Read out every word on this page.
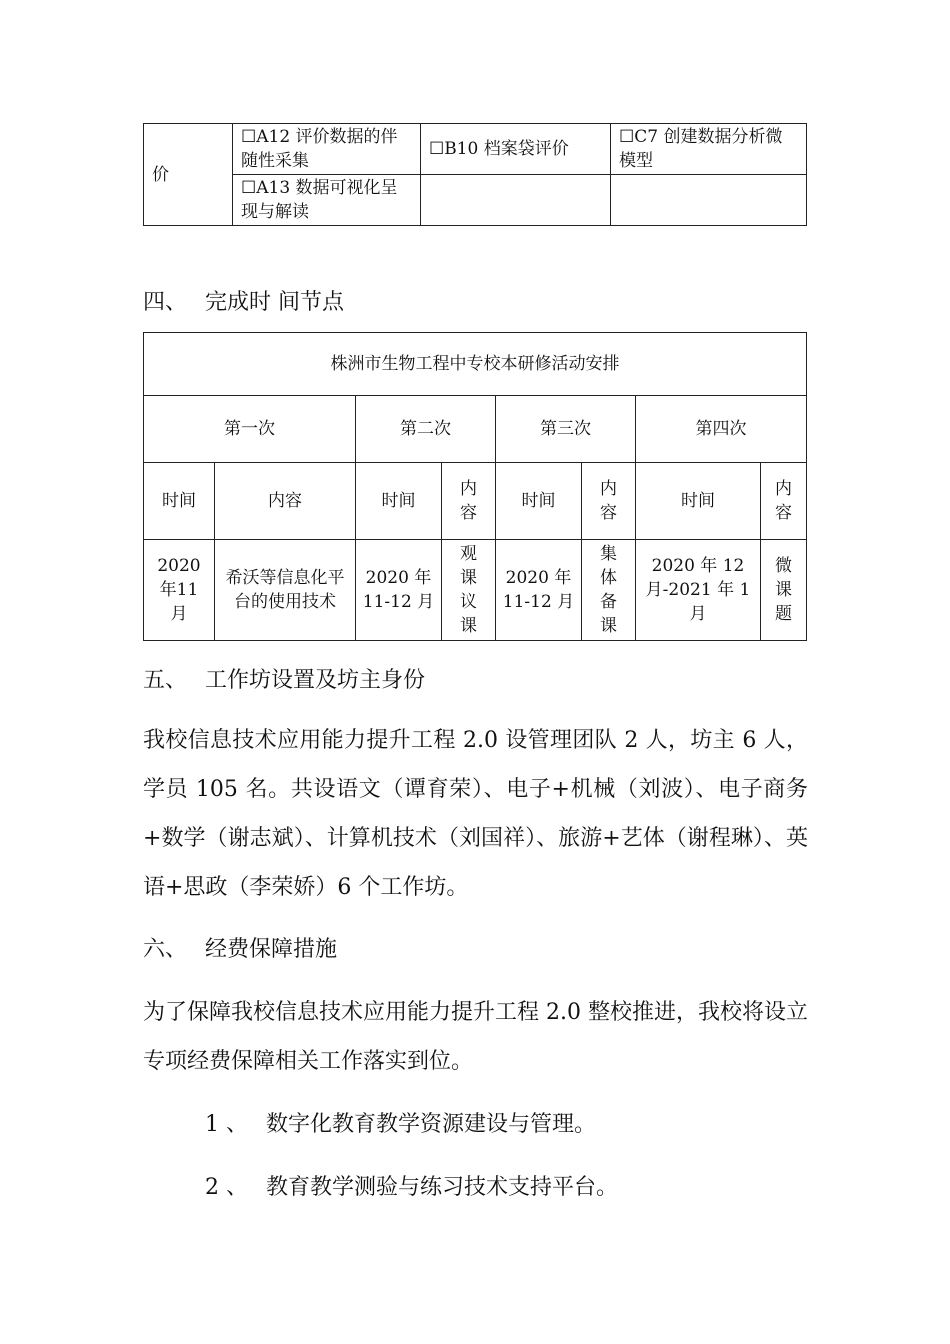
价	☐A12 评价数据的伴随性采集	☐B10 档案袋评价	☐C7 创建数据分析微模型
	☐A13 数据可视化呈现与解读		
四、 完成时 间节点
株洲市生物工程中专校本研修活动安排							
第一次		第二次		第三次		第四次	
时间	内容	时间	内容	时间	内容	时间	内容
2020年11月	希沃等信息化平台的使用技术	2020 年 11-12 月	观课议课	2020 年 11-12 月	集体备课	2020 年 12 月-2021 年 1 月	微课题
五、 工作坊设置及坊主身份
我校信息技术应用能力提升工程 2.0 设管理团队 2 人，坊主 6 人，学员 105 名。共设语文（谭育荣）、电子+机械（刘波）、电子商务+数学（谢志斌）、计算机技术（刘国祥）、旅游+艺体（谢程琳）、英语+思政（李荣娇）6 个工作坊。
六、 经费保障措施
为了保障我校信息技术应用能力提升工程 2.0 整校推进，我校将设立专项经费保障相关工作落实到位。
1 、 数字化教育教学资源建设与管理。
2 、 教育教学测验与练习技术支持平台。
